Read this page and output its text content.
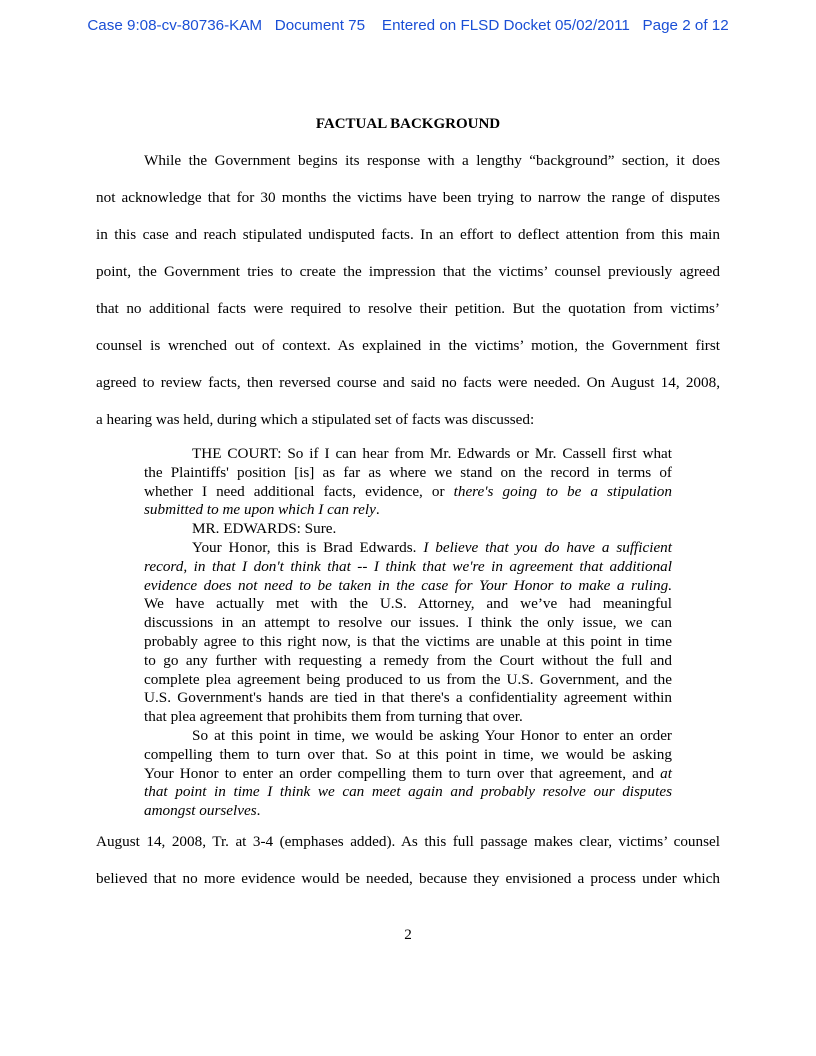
Case 9:08-cv-80736-KAM   Document 75    Entered on FLSD Docket 05/02/2011   Page 2 of 12
FACTUAL BACKGROUND
While the Government begins its response with a lengthy “background” section, it does
not acknowledge that for 30 months the victims have been trying to narrow the range of disputes
in this case and reach stipulated undisputed facts. In an effort to deflect attention from this main
point, the Government tries to create the impression that the victims’ counsel previously agreed
that no additional facts were required to resolve their petition. But the quotation from victims’
counsel is wrenched out of context. As explained in the victims’ motion, the Government first
agreed to review facts, then reversed course and said no facts were needed. On August 14, 2008,
a hearing was held, during which a stipulated set of facts was discussed:
THE COURT: So if I can hear from Mr. Edwards or Mr. Cassell first what
the Plaintiffs' position [is] as far as where we stand on the record in terms of
whether I need additional facts, evidence, or there's going to be a stipulation
submitted to me upon which I can rely.
MR. EDWARDS: Sure.
Your Honor, this is Brad Edwards. I believe that you do have a sufficient
record, in that I don't think that -- I think that we're in agreement that additional
evidence does not need to be taken in the case for Your Honor to make a ruling.
We have actually met with the U.S. Attorney, and we’ve had meaningful
discussions in an attempt to resolve our issues. I think the only issue, we can
probably agree to this right now, is that the victims are unable at this point in time
to go any further with requesting a remedy from the Court without the full and
complete plea agreement being produced to us from the U.S. Government, and the
U.S. Government's hands are tied in that there's a confidentiality agreement within
that plea agreement that prohibits them from turning that over.
So at this point in time, we would be asking Your Honor to enter an order
compelling them to turn over that. So at this point in time, we would be asking
Your Honor to enter an order compelling them to turn over that agreement, and at
that point in time I think we can meet again and probably resolve our disputes
amongst ourselves.
August 14, 2008, Tr. at 3-4 (emphases added). As this full passage makes clear, victims’ counsel
believed that no more evidence would be needed, because they envisioned a process under which
2
